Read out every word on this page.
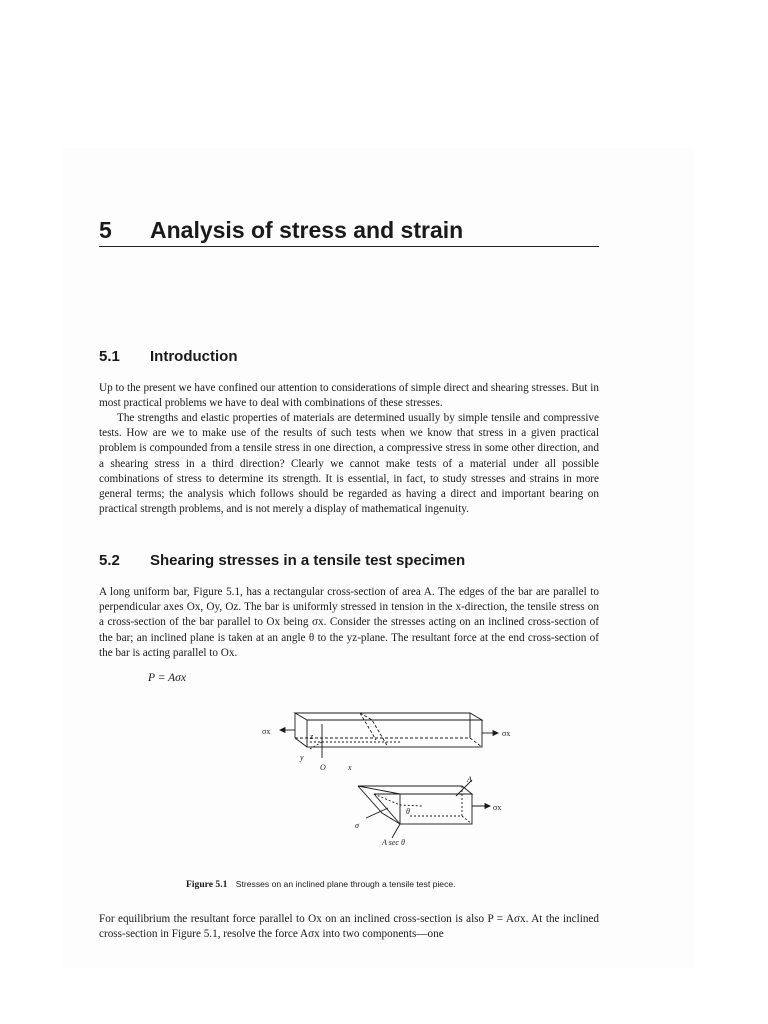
5 Analysis of stress and strain
5.1 Introduction

Up to the present we have confined our attention to considerations of simple direct and shearing stresses. But in most practical problems we have to deal with combinations of these stresses.

The strengths and elastic properties of materials are determined usually by simple tensile and compressive tests. How are we to make use of the results of such tests when we know that stress in a given practical problem is compounded from a tensile stress in one direction, a compressive stress in some other direction, and a shearing stress in a third direction? Clearly we cannot make tests of a material under all possible combinations of stress to determine its strength. It is essential, in fact, to study stresses and strains in more general terms; the analysis which follows should be regarded as having a direct and important bearing on practical strength problems, and is not merely a display of mathematical ingenuity.

5.2 Shearing stresses in a tensile test specimen

A long uniform bar, Figure 5.1, has a rectangular cross-section of area A. The edges of the bar are parallel to perpendicular axes Ox, Oy, Oz. The bar is uniformly stressed in tension in the x-direction, the tensile stress on a cross-section of the bar parallel to Ox being σx. Consider the stresses acting on an inclined cross-section of the bar; an inclined plane is taken at an angle θ to the yz-plane. The resultant force at the end cross-section of the bar is acting parallel to Ox.

P = Aσx
σx	σx
z
y
O	x
A
σx
σ
θ
A sec θ
Figure 5.1 Stresses on an inclined plane through a tensile test piece.

For equilibrium the resultant force parallel to Ox on an inclined cross-section is also P = Aσx. At the inclined cross-section in Figure 5.1, resolve the force Aσx into two components—one
